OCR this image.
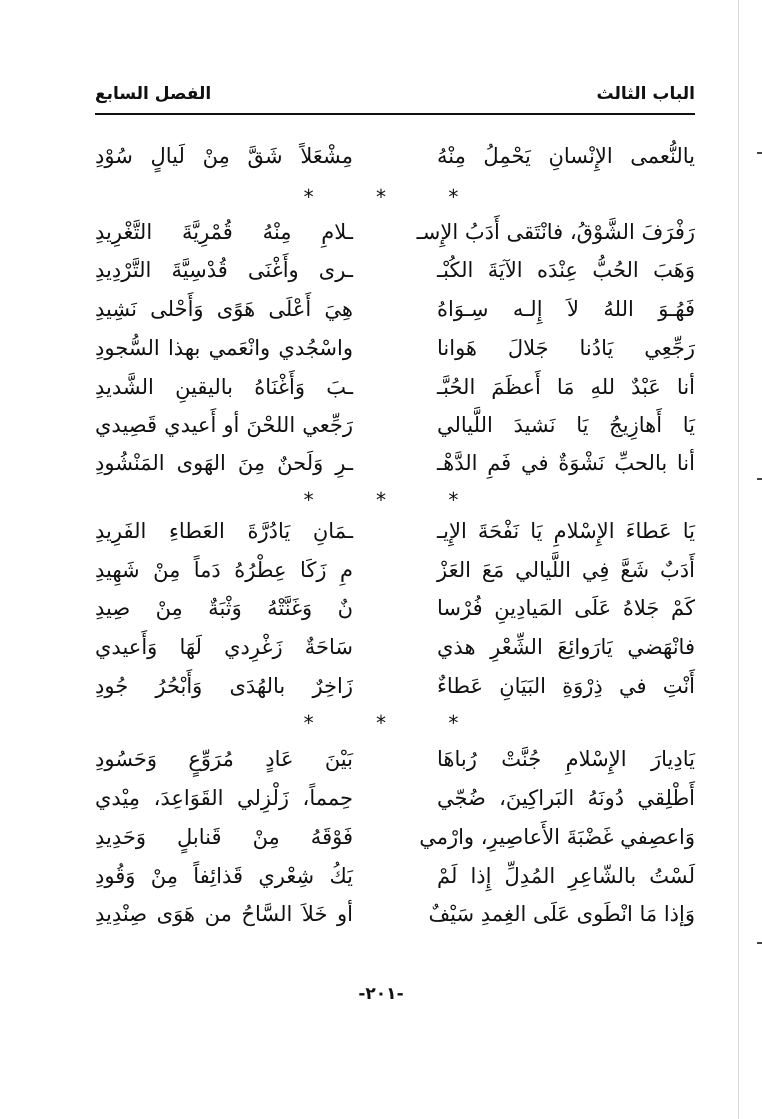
الباب الثالث
الفصل السابع
يالنُّعمى الإِنْسانِ يَحْمِلُ مِنْهُ
مِشْعَلاً شَقَّ مِنْ لَيالٍ سُوْدِ
* * *
رَفْرَفَ الشَّوْقُ، فانْتَقى أَدَبُ الإِسـ
ـلامِ مِنْهُ قُمْرِيَّةَ التَّغْرِيدِ
وَهَبَ الحُبُّ عِنْدَه الآيَةَ الكُبْـ
ـرى وأَغْنَى قُدْسِيَّةَ التَّرْدِيدِ
فَهُـوَ اللهُ لاَ إِلـه سِـوَاهُ
هِيَ أَعْلَى هَوًى وَأَحْلى نَشِيدِ
رَجِّعِي يَادُنا جَلالَ هَوانا
واسْجُدي وانْعَمي بهذا السُّجودِ
أنا عَبْدٌ للهِ مَا أَعظَمَ الحُبَّـ
ـبَ وَأَغْنَاهُ باليقينِ الشَّديدِ
يَا أَهازِيجُ يَا نَشيدَ اللَّيالي
رَجِّعي اللحْنَ أو أَعيدي قَصِيدي
أنا بالحبِّ نَشْوَةٌ في فَمِ الدَّهْـ
ـرِ وَلَحنٌ مِنَ الهَوى المَنْشُودِ
* * *
يَا عَطاءَ الإِسْلامِ يَا نَفْحَةَ الإِيـ
ـمَانِ يَادُرَّةَ العَطاءِ الفَرِيدِ
أَدَبٌ شَعَّ فِي اللَّيالي مَعَ العَزْ
مِ زَكَا عِطْرُهُ دَماً مِنْ شَهِيدِ
كَمْ جَلاهُ عَلَى المَيادِينِ فُرْسا
نٌ وَغَنَّتْهُ وَثْبَةٌ مِنْ صِيدِ
فانْهَضي يَارَوائِعَ الشِّعْرِ هذي
سَاحَةٌ زَغْرِدي لَهَا وَأَعيدي
أَنْتِ في ذِرْوَةِ البَيَانِ عَطاءٌ
زَاخِرٌ بالهُدَى وَأَبْحُرُ جُودِ
* * *
يَادِيارَ الإِسْلامِ جُنَّتْ رُباهَا
بَيْنَ عَادٍ مُرَوِّعٍ وَحَسُودِ
أَطْلِقي دُونَهُ البَراكِينَ، ضُجّي
حِمماً، زَلْزِلي القَوَاعِدَ، مِيْدي
وَاعصِفي غَضْبَةَ الأَعاصِيرِ، وارْمي
فَوْقَهُ مِنْ قَنابلٍ وَحَدِيدِ
لَسْتُ بالشّاعِرِ المُدِلِّ إِذا لَمْ
يَكُ شِعْري قَذائِفاً مِنْ وَقُودِ
وَإذا مَا انْطَوى عَلَى الغِمدِ سَيْفٌ
أو خَلاَ السَّاحُ من هَوَى صِنْدِيدِ
-٢٠١-
